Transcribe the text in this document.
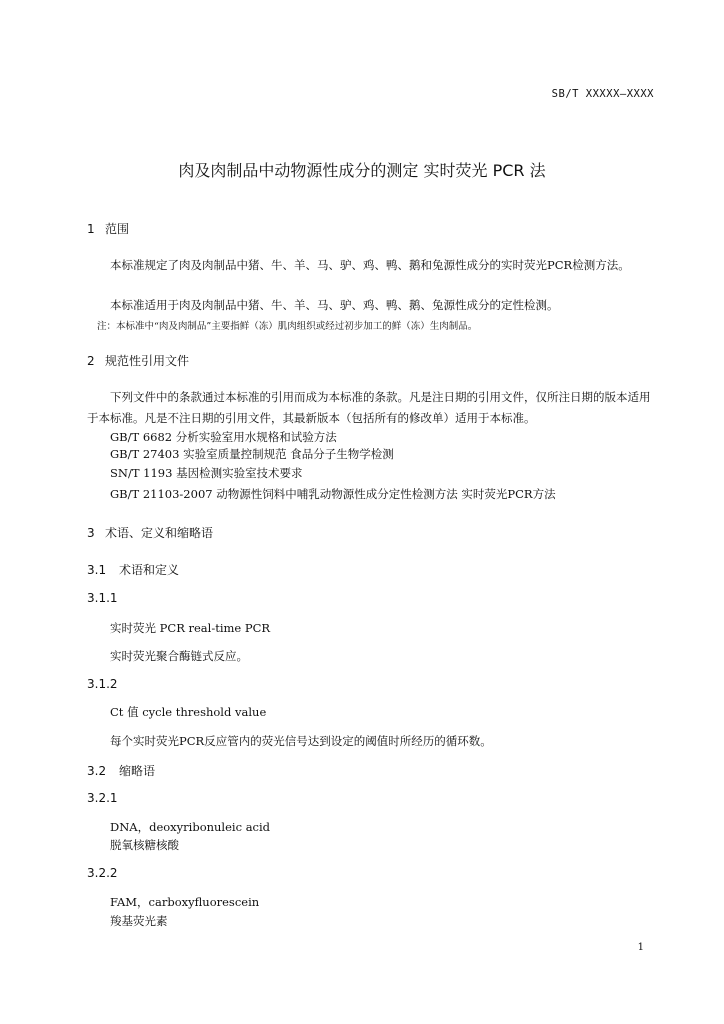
SB/T XXXXX—XXXX
肉及肉制品中动物源性成分的测定 实时荧光 PCR 法
1 范围
本标准规定了肉及肉制品中猪、牛、羊、马、驴、鸡、鸭、鹅和兔源性成分的实时荧光PCR检测方法。
本标准适用于肉及肉制品中猪、牛、羊、马、驴、鸡、鸭、鹅、兔源性成分的定性检测。
注：本标准中“肉及肉制品”主要指鲜（冻）肌肉组织或经过初步加工的鲜（冻）生肉制品。
2 规范性引用文件
下列文件中的条款通过本标准的引用而成为本标准的条款。凡是注日期的引用文件，仅所注日期的版本适用于本标准。凡是不注日期的引用文件，其最新版本（包括所有的修改单）适用于本标准。
GB/T 6682 分析实验室用水规格和试验方法
GB/T 27403 实验室质量控制规范 食品分子生物学检测
SN/T 1193 基因检测实验室技术要求
GB/T 21103-2007 动物源性饲料中哺乳动物源性成分定性检测方法 实时荧光PCR方法
3 术语、定义和缩略语
3.1 术语和定义
3.1.1
实时荧光 PCR real-time PCR
实时荧光聚合酶链式反应。
3.1.2
Ct 值 cycle threshold value
每个实时荧光PCR反应管内的荧光信号达到设定的阈值时所经历的循环数。
3.2 缩略语
3.2.1
DNA，deoxyribonuleic acid
脱氧核糖核酸
3.2.2
FAM，carboxyfluorescein
羧基荧光素
1
